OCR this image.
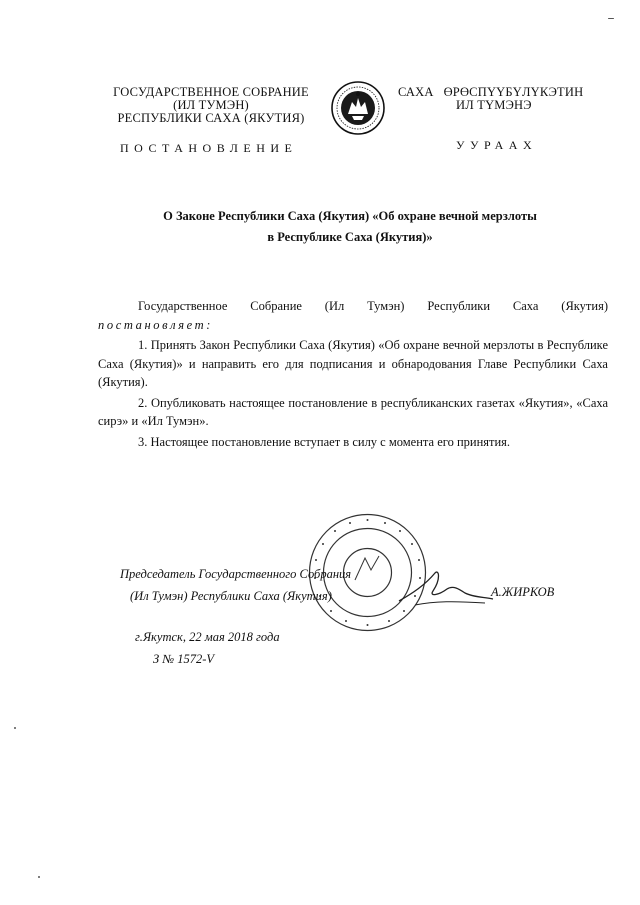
ГОСУДАРСТВЕННОЕ СОБРАНИЕ
(ИЛ ТУМЭН)
РЕСПУБЛИКИ САХА (ЯКУТИЯ)
САХА   ӨРӨСПҮҮБҮЛҮКЭТИН
ИЛ ТҮМЭНЭ
ПОСТАНОВЛЕНИЕ	УУРААХ
О Законе Республики Саха (Якутия) «Об охране вечной мерзлоты
в Республике Саха (Якутия)»
Государственное Собрание (Ил Тумэн) Республики Саха (Якутия)
постановляет:
1. Принять Закон Республики Саха (Якутия) «Об охране вечной мерзлоты в Республике Саха (Якутия)» и направить его для подписания и обнародования Главе Республики Саха (Якутия).
2. Опубликовать настоящее постановление в республиканских газетах «Якутия», «Саха сирэ» и «Ил Тумэн».
3. Настоящее постановление вступает в силу с момента его принятия.
Председатель Государственного Собрания
(Ил Тумэн) Республики Саха (Якутия)	А.ЖИРКОВ
г.Якутск, 22 мая 2018 года
З № 1572-V
